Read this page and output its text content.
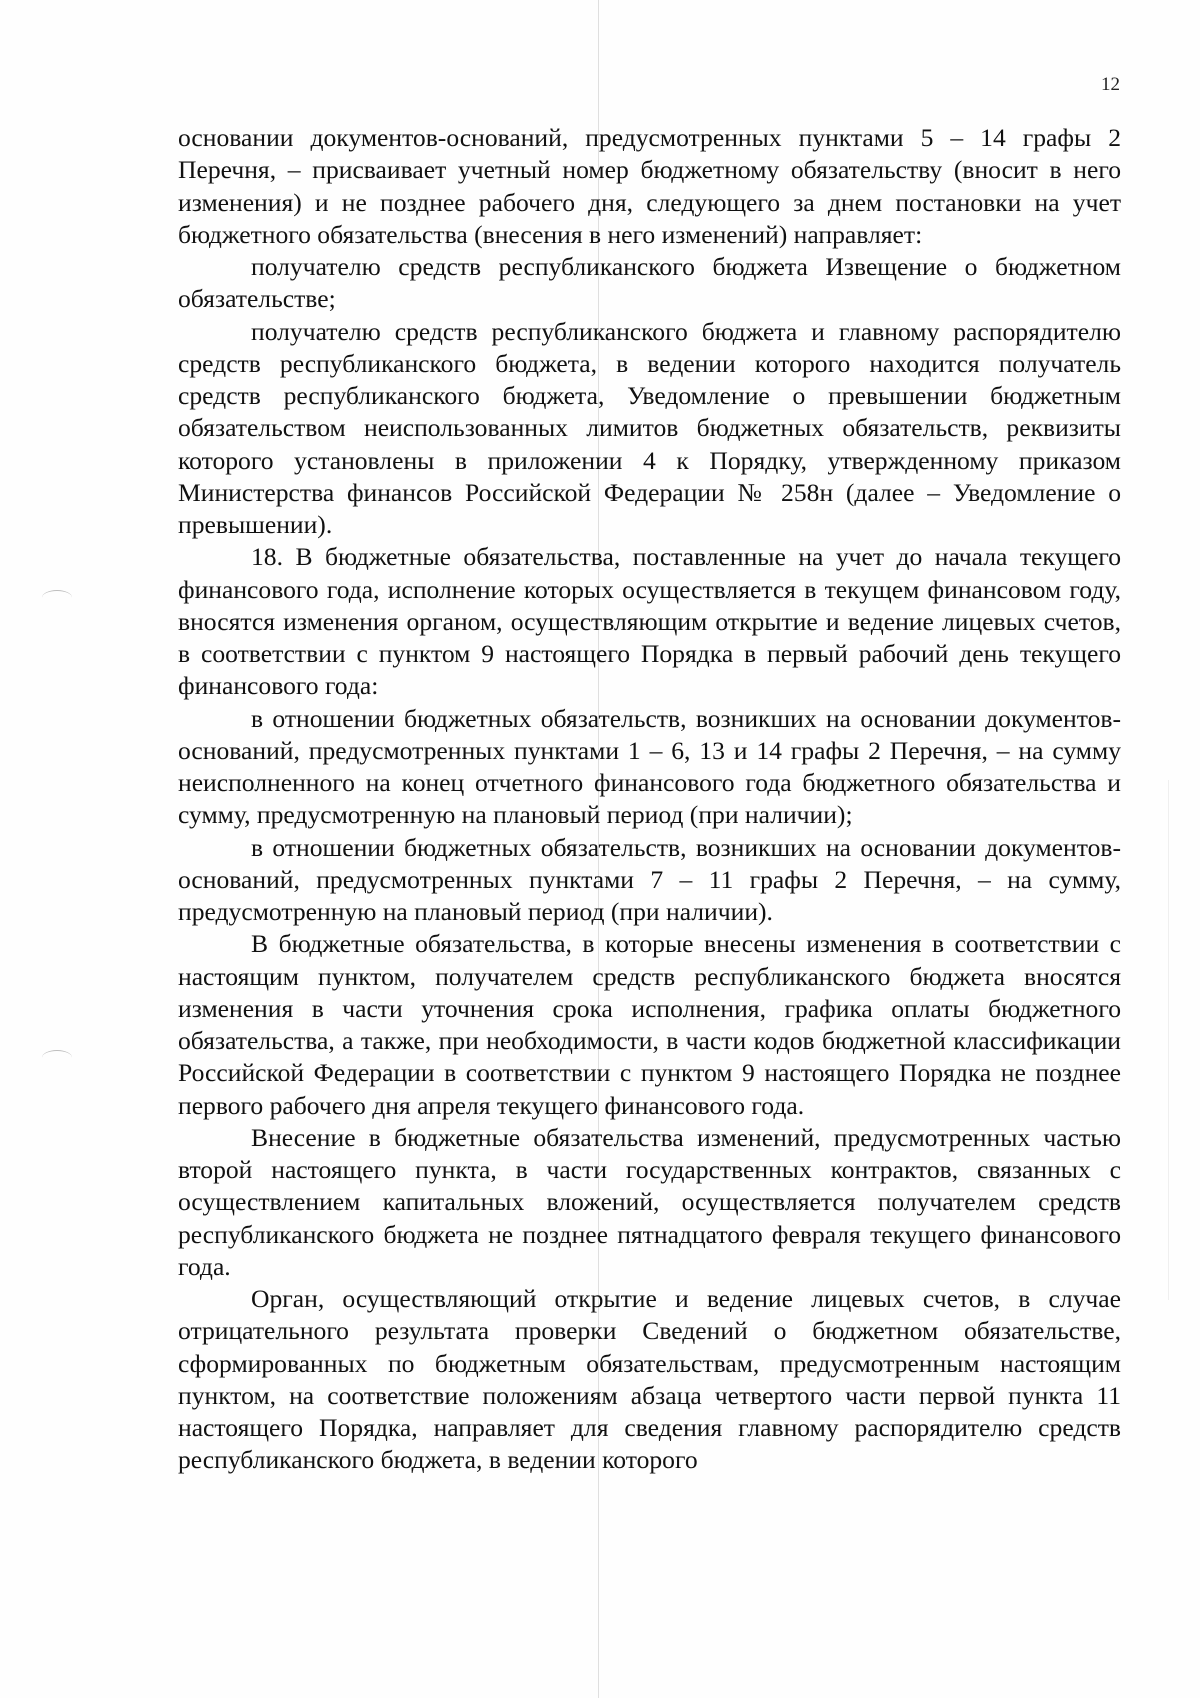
12

основании документов-оснований, предусмотренных пунктами 5 – 14 графы 2 Перечня, – присваивает учетный номер бюджетному обязательству (вносит в него изменения) и не позднее рабочего дня, следующего за днем постановки на учет бюджетного обязательства (внесения в него изменений) направляет:

получателю средств республиканского бюджета Извещение о бюджетном обязательстве;

получателю средств республиканского бюджета и главному распорядителю средств республиканского бюджета, в ведении которого находится получатель средств республиканского бюджета, Уведомление о превышении бюджетным обязательством неиспользованных лимитов бюджетных обязательств, реквизиты которого установлены в приложении 4 к Порядку, утвержденному приказом Министерства финансов Российской Федерации № 258н (далее – Уведомление о превышении).

18. В бюджетные обязательства, поставленные на учет до начала текущего финансового года, исполнение которых осуществляется в текущем финансовом году, вносятся изменения органом, осуществляющим открытие и ведение лицевых счетов, в соответствии с пунктом 9 настоящего Порядка в первый рабочий день текущего финансового года:

в отношении бюджетных обязательств, возникших на основании документов-оснований, предусмотренных пунктами 1 – 6, 13 и 14 графы 2 Перечня, – на сумму неисполненного на конец отчетного финансового года бюджетного обязательства и сумму, предусмотренную на плановый период (при наличии);

в отношении бюджетных обязательств, возникших на основании документов-оснований, предусмотренных пунктами 7 – 11 графы 2 Перечня, – на сумму, предусмотренную на плановый период (при наличии).

В бюджетные обязательства, в которые внесены изменения в соответствии с настоящим пунктом, получателем средств республиканского бюджета вносятся изменения в части уточнения срока исполнения, графика оплаты бюджетного обязательства, а также, при необходимости, в части кодов бюджетной классификации Российской Федерации в соответствии с пунктом 9 настоящего Порядка не позднее первого рабочего дня апреля текущего финансового года.

Внесение в бюджетные обязательства изменений, предусмотренных частью второй настоящего пункта, в части государственных контрактов, связанных с осуществлением капитальных вложений, осуществляется получателем средств республиканского бюджета не позднее пятнадцатого февраля текущего финансового года.

Орган, осуществляющий открытие и ведение лицевых счетов, в случае отрицательного результата проверки Сведений о бюджетном обязательстве, сформированных по бюджетным обязательствам, предусмотренным настоящим пунктом, на соответствие положениям абзаца четвертого части первой пункта 11 настоящего Порядка, направляет для сведения главному распорядителю средств республиканского бюджета, в ведении которого
